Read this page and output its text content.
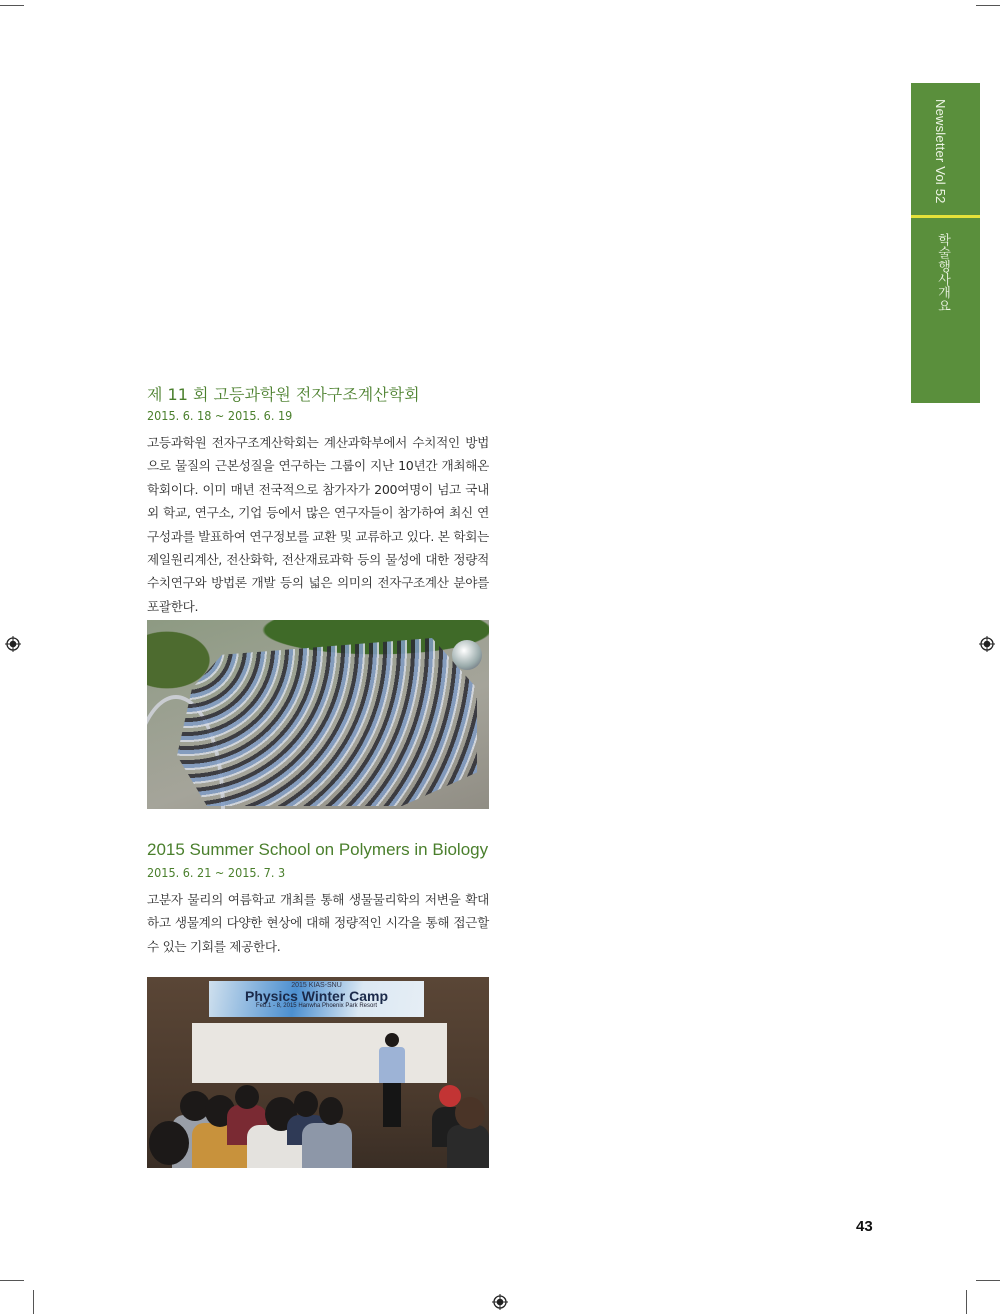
Newsletter Vol 52
학술행사개요
제 11 회 고등과학원 전자구조계산학회
2015. 6. 18 ~ 2015. 6. 19
고등과학원 전자구조계산학회는 계산과학부에서 수치적인 방법으로 물질의 근본성질을 연구하는 그룹이 지난 10년간 개최해온 학회이다. 이미 매년 전국적으로 참가자가 200여명이 넘고 국내외 학교, 연구소, 기업 등에서 많은 연구자들이 참가하여 최신 연구성과를 발표하여 연구정보를 교환 및 교류하고 있다. 본 학회는 제일원리계산, 전산화학, 전산재료과학 등의 물성에 대한 정량적 수치연구와 방법론 개발 등의 넓은 의미의 전자구조계산 분야를 포괄한다.
2015 Summer School on Polymers in Biology
2015. 6. 21 ~ 2015. 7. 3
고분자 물리의 여름학교 개최를 통해 생물물리학의 저변을 확대하고 생물계의 다양한 현상에 대해 정량적인 시각을 통해 접근할 수 있는 기회를 제공한다.
2015 KIAS-SNU
Physics Winter Camp
Feb.1 - 8, 2015 Hanwha Phoenix Park Resort
43
